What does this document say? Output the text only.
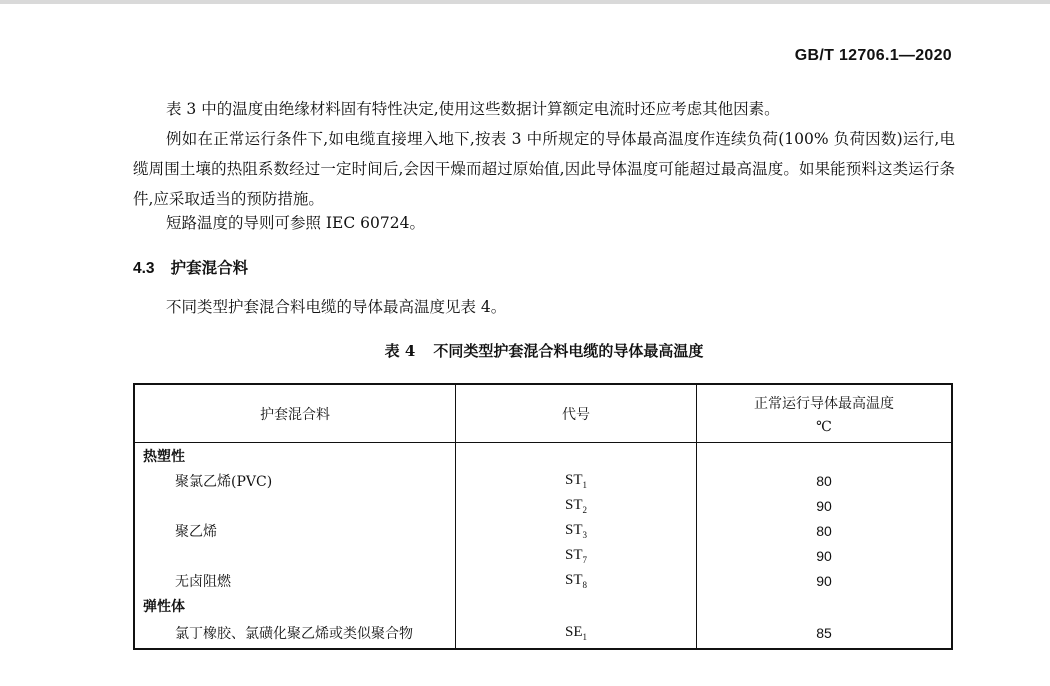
GB/T 12706.1—2020
表 3 中的温度由绝缘材料固有特性决定,使用这些数据计算额定电流时还应考虑其他因素。
例如在正常运行条件下,如电缆直接埋入地下,按表 3 中所规定的导体最高温度作连续负荷(100% 负荷因数)运行,电缆周围土壤的热阻系数经过一定时间后,会因干燥而超过原始值,因此导体温度可能超过最高温度。如果能预料这类运行条件,应采取适当的预防措施。
短路温度的导则可参照 IEC 60724。
4.3 护套混合料
不同类型护套混合料电缆的导体最高温度见表 4。
表 4 不同类型护套混合料电缆的导体最高温度
护套混合料	代号	正常运行导体最高温度
℃

热塑性		
聚氯乙烯(PVC)	$ST_1$	80
	$ST_2$	90
聚乙烯	$ST_3$	80
	$ST_7$	90
无卤阻燃	$ST_8$	90
弹性体		
氯丁橡胶、氯磺化聚乙烯或类似聚合物	$SE_1$	85
